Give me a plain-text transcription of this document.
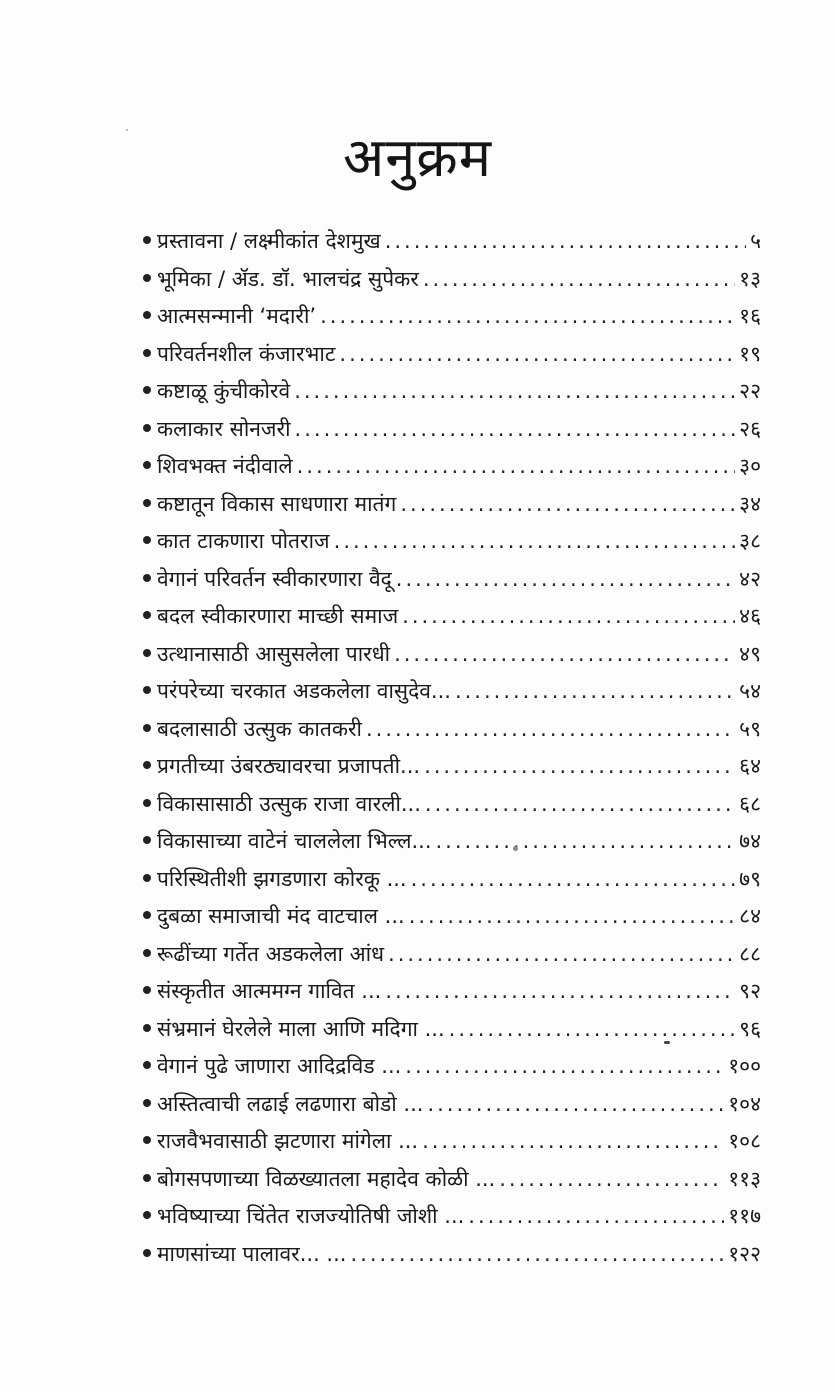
अनुक्रम
प्रस्तावना / लक्ष्मीकांत देशमुख .....	५
भूमिका / ॲड. डॉ. भालचंद्र सुपेकर .....	१३
आत्मसन्मानी ‘मदारी’ .....	१६
परिवर्तनशील कंजारभाट .....	१९
कष्टाळू कुंचीकोरवे .....	२२
कलाकार सोनजरी .....	२६
शिवभक्त नंदीवाले .....	३०
कष्टातून विकास साधणारा मातंग .....	३४
कात टाकणारा पोतराज .....	३८
वेगानं परिवर्तन स्वीकारणारा वैदू .....	४२
बदल स्वीकारणारा माच्छी समाज .....	४६
उत्थानासाठी आसुसलेला पारधी .....	४९
परंपरेच्या चरकात अडकलेला वासुदेव... .....	५४
बदलासाठी उत्सुक कातकरी .....	५९
प्रगतीच्या उंबरठ्यावरचा प्रजापती... .....	६४
विकासासाठी उत्सुक राजा वारली... .....	६८
विकासाच्या वाटेनं चाललेला भिल्ल... .....	७४
परिस्थितीशी झगडणारा कोरकू ... .....	७९
दुबळा समाजाची मंद वाटचाल ... .....	८४
रूढींच्या गर्तेत अडकलेला आंध .....	८८
संस्कृतीत आत्ममग्न गावित ... .....	९२
संभ्रमानं घेरलेले माला आणि मदिगा ... .....	९६
वेगानं पुढे जाणारा आदिद्रविड ... .....	१००
अस्तित्वाची लढाई लढणारा बोडो ... .....	१०४
राजवैभवासाठी झटणारा मांगेला ... .....	१०८
बोगसपणाच्या विळख्यातला महादेव कोळी ... .....	११३
भविष्याच्या चिंतेत राजज्योतिषी जोशी ... .....	११७
माणसांच्या पालावर... ... .....	१२२
